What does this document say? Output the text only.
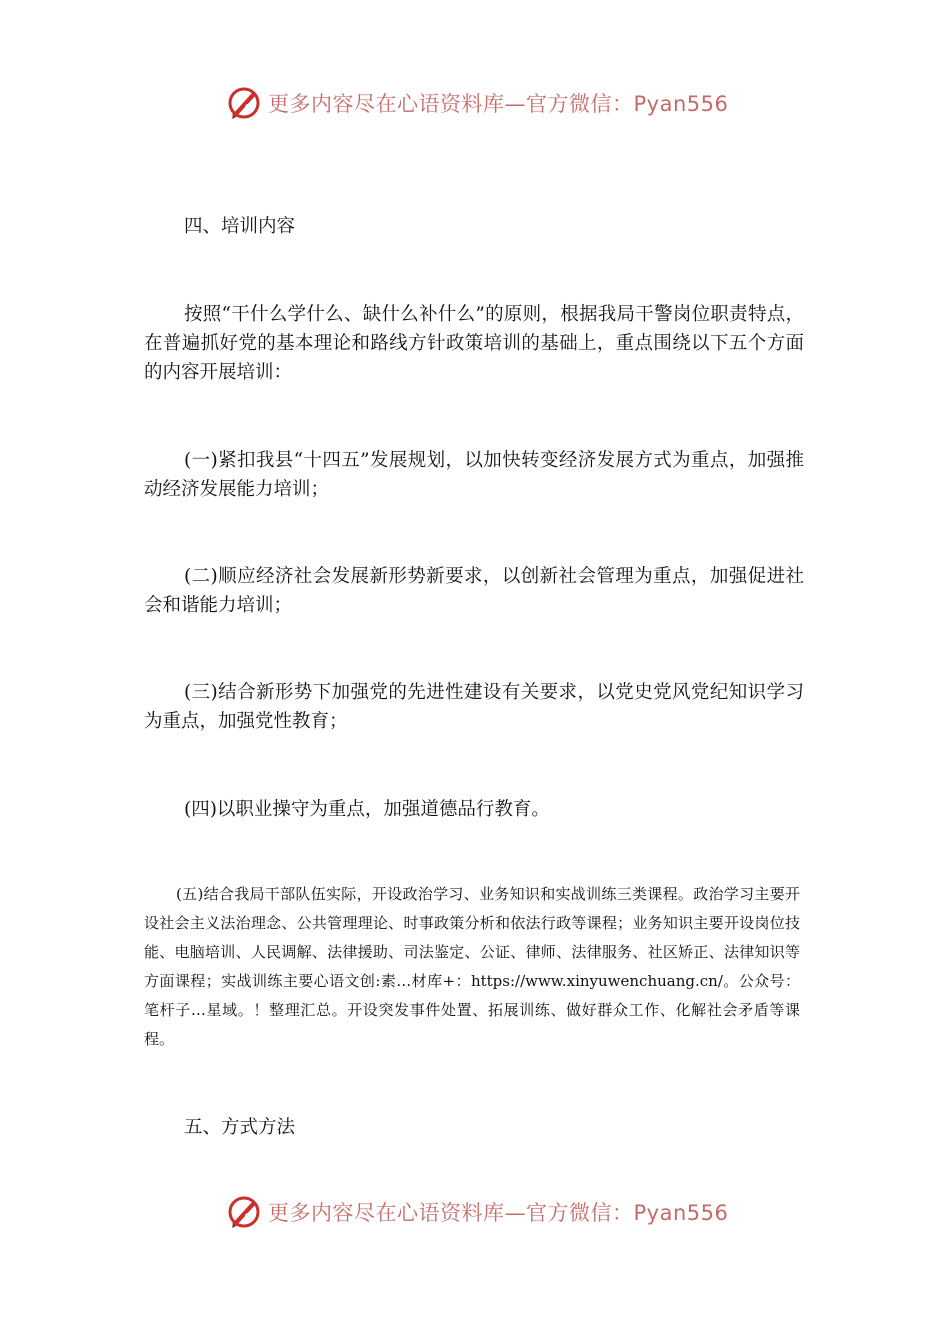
更多内容尽在心语资料库—官方微信：Pyan556

四、培训内容

按照“干什么学什么、缺什么补什么”的原则，根据我局干警岗位职责特点，在普遍抓好党的基本理论和路线方针政策培训的基础上，重点围绕以下五个方面的内容开展培训：

(一)紧扣我县“十四五”发展规划，以加快转变经济发展方式为重点，加强推动经济发展能力培训；

(二)顺应经济社会发展新形势新要求，以创新社会管理为重点，加强促进社会和谐能力培训；

(三)结合新形势下加强党的先进性建设有关要求，以党史党风党纪知识学习为重点，加强党性教育；

(四)以职业操守为重点，加强道德品行教育。

(五)结合我局干部队伍实际，开设政治学习、业务知识和实战训练三类课程。政治学习主要开设社会主义法治理念、公共管理理论、时事政策分析和依法行政等课程；业务知识主要开设岗位技能、电脑培训、人民调解、法律援助、司法鉴定、公证、律师、法律服务、社区矫正、法律知识等方面课程；实战训练主要心语文创:素…材库+：https://www.xinyuwenchuang.cn/。公众号：笔杆子…星域。！整理汇总。开设突发事件处置、拓展训练、做好群众工作、化解社会矛盾等课程。

五、方式方法

更多内容尽在心语资料库—官方微信：Pyan556
